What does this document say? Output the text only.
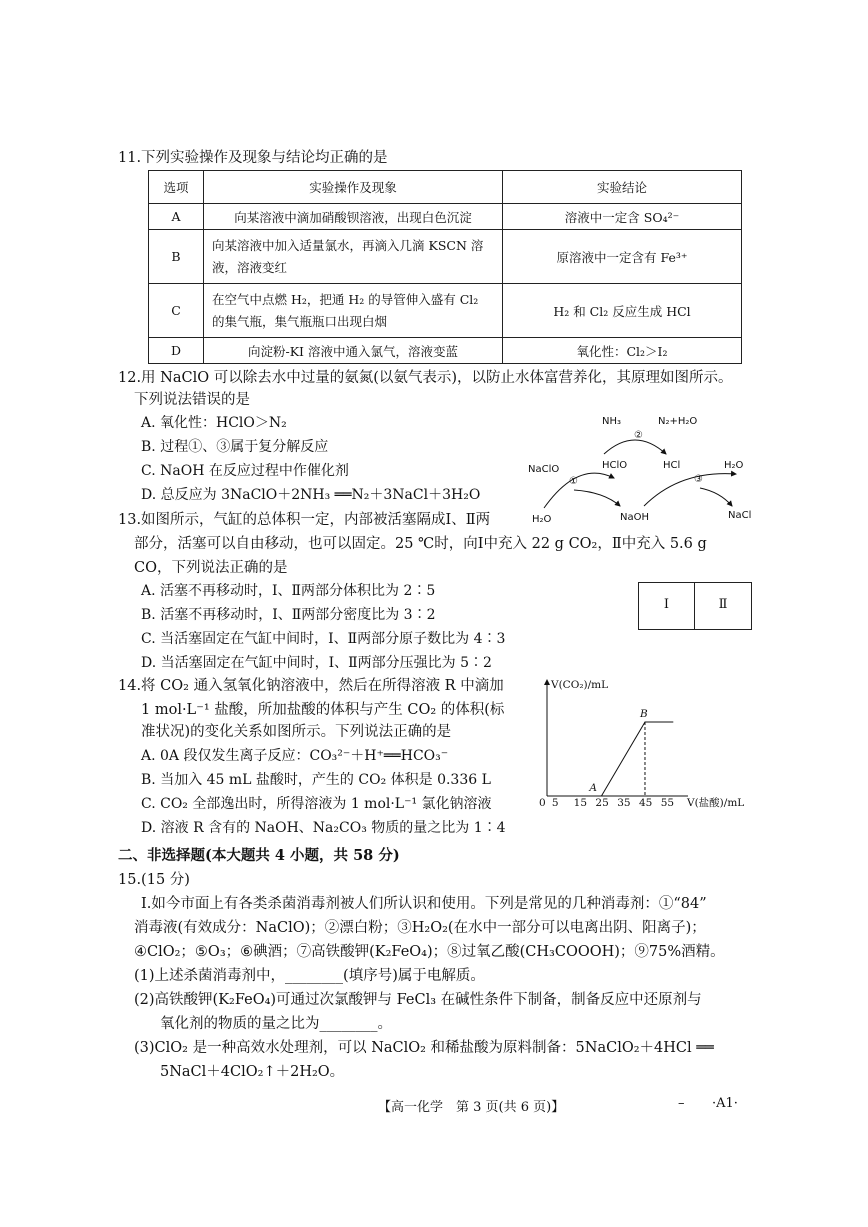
11.下列实验操作及现象与结论均正确的是
选项	实验操作及现象	实验结论
A	向某溶液中滴加硝酸钡溶液，出现白色沉淀	溶液中一定含 SO₄²⁻
B	向某溶液中加入适量氯水，再滴入几滴 KSCN 溶液，溶液变红	原溶液中一定含有 Fe³⁺
C	在空气中点燃 H₂，把通 H₂ 的导管伸入盛有 Cl₂ 的集气瓶，集气瓶瓶口出现白烟	H₂ 和 Cl₂ 反应生成 HCl
D	向淀粉-KI 溶液中通入氯气，溶液变蓝	氧化性：Cl₂＞I₂
12.用 NaClO 可以除去水中过量的氨氮(以氨气表示)，以防止水体富营养化，其原理如图所示。
下列说法错误的是
A. 氧化性：HClO＞N₂
B. 过程①、③属于复分解反应
C. NaOH 在反应过程中作催化剂
D. 总反应为 3NaClO＋2NH₃ ══N₂＋3NaCl＋3H₂O
NH₃	N₂+H₂O
②
NaClO	HClO	HCl	H₂O
①	③
H₂O	NaOH	NaCl
13.如图所示，气缸的总体积一定，内部被活塞隔成Ⅰ、Ⅱ两
部分，活塞可以自由移动，也可以固定。25 ℃时，向Ⅰ中充入 22 g CO₂，Ⅱ中充入 5.6 g
CO，下列说法正确的是
A. 活塞不再移动时，Ⅰ、Ⅱ两部分体积比为 2∶5
B. 活塞不再移动时，Ⅰ、Ⅱ两部分密度比为 3∶2
C. 当活塞固定在气缸中间时，Ⅰ、Ⅱ两部分原子数比为 4∶3
D. 当活塞固定在气缸中间时，Ⅰ、Ⅱ两部分压强比为 5∶2
Ⅰ	Ⅱ
14.将 CO₂ 通入氢氧化钠溶液中，然后在所得溶液 R 中滴加
1 mol·L⁻¹ 盐酸，所加盐酸的体积与产生 CO₂ 的体积(标
准状况)的变化关系如图所示。下列说法正确的是
A. 0A 段仅发生离子反应：CO₃²⁻＋H⁺══HCO₃⁻
B. 当加入 45 mL 盐酸时，产生的 CO₂ 体积是 0.336 L
C. CO₂ 全部逸出时，所得溶液为 1 mol·L⁻¹ 氯化钠溶液
D. 溶液 R 含有的 NaOH、Na₂CO₃ 物质的量之比为 1∶4
V(CO₂)/mL
V(盐酸)/mL
0 5 15 25 35 45 55
A
B
二、非选择题(本大题共 4 小题，共 58 分)
15.(15 分)
Ⅰ.如今市面上有各类杀菌消毒剂被人们所认识和使用。下列是常见的几种消毒剂：①“84”
消毒液(有效成分：NaClO)；②漂白粉；③H₂O₂(在水中一部分可以电离出阴、阳离子)；
④ClO₂；⑤O₃；⑥碘酒；⑦高铁酸钾(K₂FeO₄)；⑧过氧乙酸(CH₃COOOH)；⑨75%酒精。
(1)上述杀菌消毒剂中，________(填序号)属于电解质。
(2)高铁酸钾(K₂FeO₄)可通过次氯酸钾与 FeCl₃ 在碱性条件下制备，制备反应中还原剂与
氧化剂的物质的量之比为________。
(3)ClO₂ 是一种高效水处理剂，可以 NaClO₂ 和稀盐酸为原料制备：5NaClO₂＋4HCl ══
5NaCl＋4ClO₂↑＋2H₂O。
【高一化学　第 3 页(共 6 页)】	– ·A1·
